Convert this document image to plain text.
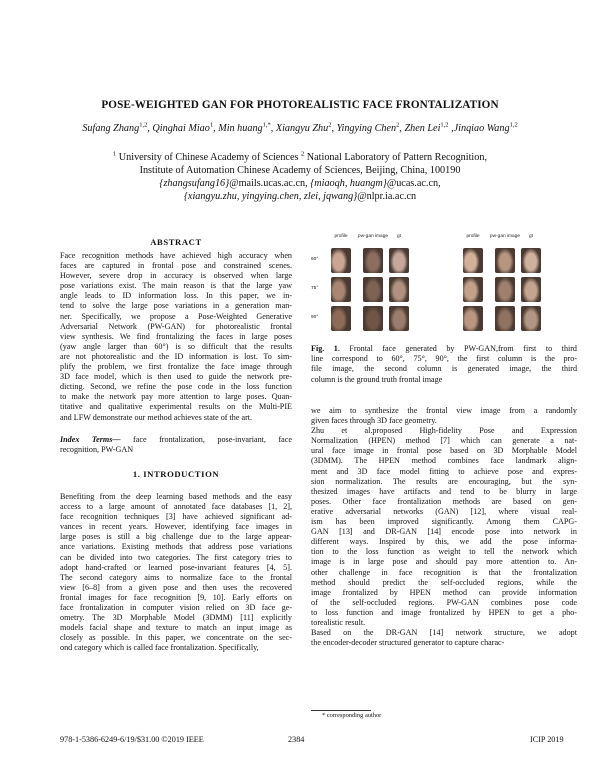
POSE-WEIGHTED GAN FOR PHOTOREALISTIC FACE FRONTALIZATION
Sufang Zhang$^{1,2}$, Qinghai Miao$^1$, Min huang$^{1,*}$, Xiangyu Zhu$^2$, Yingying Chen$^2$, Zhen Lei$^{1,2}$ ,Jinqiao Wang$^{1,2}$
$^1$ University of Chinese Academy of Sciences $^2$ National Laboratory of Pattern Recognition,
Institute of Automation Chinese Academy of Sciences, Beijing, China, 100190
{zhangsufang16}@mails.ucas.ac.cn, {miaoqh, huangm}@ucas.ac.cn,
{xiangyu.zhu, yingying.chen, zlei, jqwang}@nlpr.ia.ac.cn
ABSTRACT
Face recognition methods have achieved high accuracy when
faces are captured in frontal pose and constrained scenes.
However, severe drop in accuracy is observed when large
pose variations exist. The main reason is that the large yaw
angle leads to ID information loss. In this paper, we in-
tend to solve the large pose variations in a generation man-
ner. Specifically, we propose a Pose-Weighted Generative
Adversarial Network (PW-GAN) for photorealistic frontal
view synthesis. We find frontalizing the faces in large poses
(yaw angle larger than 60°) is so difficult that the results
are not photorealistic and the ID information is lost. To sim-
plify the problem, we first frontalize the face image through
3D face model, which is then used to guide the network pre-
dicting. Second, we refine the pose code in the loss function
to make the network pay more attention to large poses. Quan-
titative and qualitative experimental results on the Multi-PIE
and LFW demonstrate our method achieves state of the art.
Index Terms— face frontalization, pose-invariant, face
recognition, PW-GAN
1. INTRODUCTION
Benefiting from the deep learning based methods and the easy
access to a large amount of annotated face databases [1, 2],
face recognition techniques [3] have achieved significant ad-
vances in recent years. However, identifying face images in
large poses is still a big challenge due to the large appear-
ance variations. Existing methods that address pose variations
can be divided into two categories. The first category tries to
adopt hand-crafted or learned pose-invariant features [4, 5].
The second category aims to normalize face to the frontal
view [6–8] from a given pose and then uses the recovered
frontal images for face recognition [9, 10]. Early efforts on
face frontalization in computer vision relied on 3D face ge-
ometry. The 3D Morphable Model (3DMM) [11] explicitly
models facial shape and texture to match an input image as
closely as possible. In this paper, we concentrate on the sec-
ond category which is called face frontalization. Specifically,
profile pw-gan image gt	profile pw-gan image gt
60°
75°
90°
Fig. 1. Frontal face generated by PW-GAN,from first to third
line correspond to 60°, 75°, 90°, the first column is the pro-
file image, the second column is generated image, the third
column is the ground truth frontal image
we aim to synthesize the frontal view image from a randomly
given faces through 3D face geometry.
Zhu et al.proposed High-fidelity Pose and Expression
Normalization (HPEN) method [7] which can generate a nat-
ural face image in frontal pose based on 3D Morphable Model
(3DMM). The HPEN method combines face landmark align-
ment and 3D face model fitting to achieve pose and expres-
sion normalization. The results are encouraging, but the syn-
thesized images have artifacts and tend to be blurry in large
poses. Other face frontalization methods are based on gen-
erative adversarial networks (GAN) [12], where visual real-
ism has been improved significantly. Among them CAPG-
GAN [13] and DR-GAN [14] encode pose into network in
different ways. Inspired by this, we add the pose informa-
tion to the loss function as weight to tell the network which
image is in large pose and should pay more attention to. An-
other challenge in face recognition is that the frontalization
method should predict the self-occluded regions, while the
image frontalized by HPEN method can provide information
of the self-occluded regions. PW-GAN combines pose code
to loss function and image frontalized by HPEN to get a pho-
torealistic result.
Based on the DR-GAN [14] network structure, we adopt
the encoder-decoder structured generator to capture charac-
* corresponding author
978-1-5386-6249-6/19/$31.00 ©2019 IEEE	2384	ICIP 2019
